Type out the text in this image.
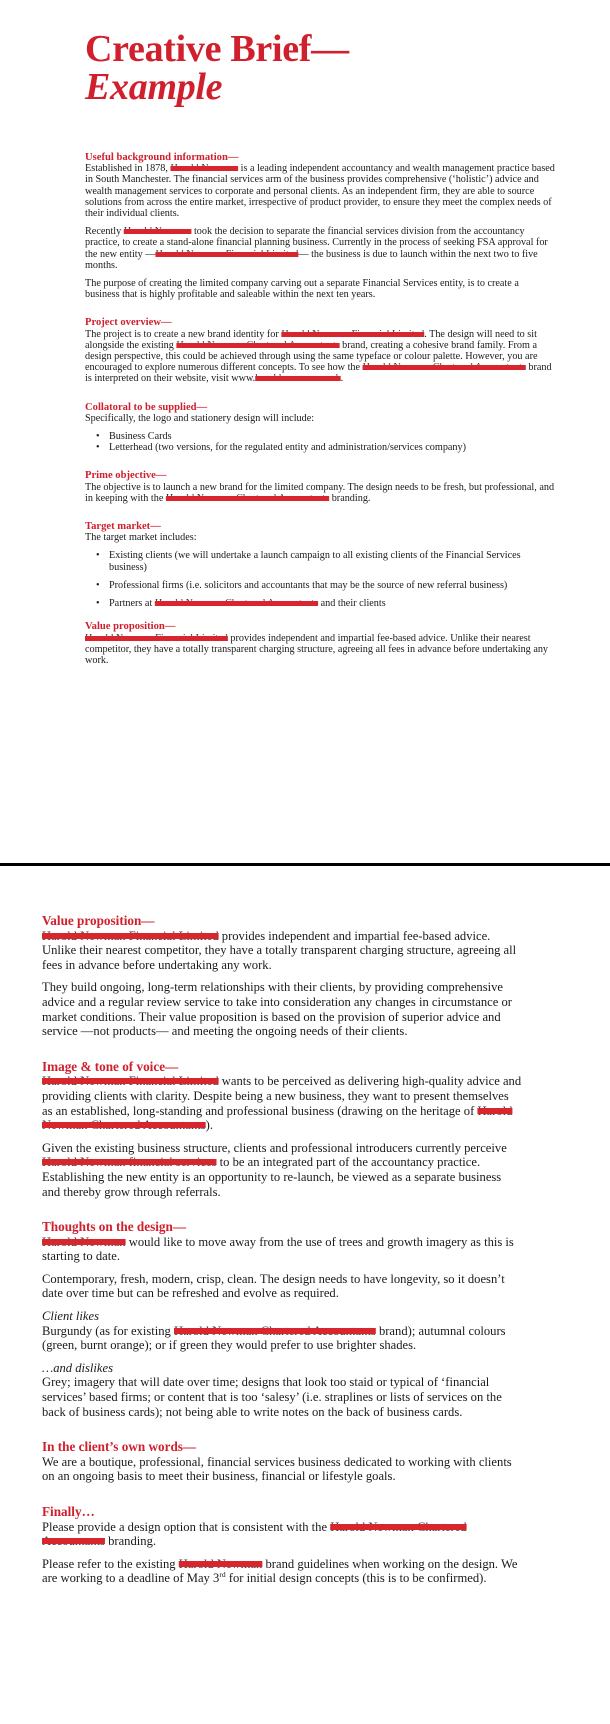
Creative Brief—
Example

Useful background information—

Established in 1878, Harold Newman is a leading independent accountancy and wealth management practice based in South Manchester. The financial services arm of the business provides comprehensive (‘holistic’) advice and wealth management services to corporate and personal clients. As an independent firm, they are able to source solutions from across the entire market, irrespective of product provider, to ensure they meet the complex needs of their individual clients.

Recently Harold Newman took the decision to separate the financial services division from the accountancy practice, to create a stand-alone financial planning business. Currently in the process of seeking FSA approval for the new entity —Harold Newman Financial Limited— the business is due to launch within the next two to five months.

The purpose of creating the limited company carving out a separate Financial Services entity, is to create a business that is highly profitable and saleable within the next ten years.

Project overview—

The project is to create a new brand identity for Harold Newman Financial Limited. The design will need to sit alongside the existing Harold Newman Chartered Accountants brand, creating a cohesive brand family. From a design perspective, this could be achieved through using the same typeface or colour palette. However, you are encouraged to explore numerous different concepts. To see how the Harold Newman Chartered Accountants brand is interpreted on their website, visit www.haroldnewman.co.uk.

Collatoral to be supplied—

Specifically, the logo and stationery design will include:

• Business Cards
• Letterhead (two versions, for the regulated entity and administration/services company)

Prime objective—

The objective is to launch a new brand for the limited company. The design needs to be fresh, but professional, and in keeping with the Harold Newman Chartered Accountants branding.

Target market—

The target market includes:

• Existing clients (we will undertake a launch campaign to all existing clients of the Financial Services business)
• Professional firms (i.e. solicitors and accountants that may be the source of new referral business)
• Partners at Harold Newman Chartered Accountants and their clients

Value proposition—

Harold Newman Financial Limited provides independent and impartial fee-based advice. Unlike their nearest competitor, they have a totally transparent charging structure, agreeing all fees in advance before undertaking any work.

Value proposition—

Harold Newman Financial Limited provides independent and impartial fee-based advice. Unlike their nearest competitor, they have a totally transparent charging structure, agreeing all fees in advance before undertaking any work.

They build ongoing, long-term relationships with their clients, by providing comprehensive advice and a regular review service to take into consideration any changes in circumstance or market conditions. Their value proposition is based on the provision of superior advice and service —not products— and meeting the ongoing needs of their clients.

Image & tone of voice—

Harold Newman Financial Limited wants to be perceived as delivering high-quality advice and providing clients with clarity. Despite being a new business, they want to present themselves as an established, long-standing and professional business (drawing on the heritage of Harold Newman Chartered Accountants).

Given the existing business structure, clients and professional introducers currently perceive Harold Newman financial services to be an integrated part of the accountancy practice. Establishing the new entity is an opportunity to re-launch, be viewed as a separate business and thereby grow through referrals.

Thoughts on the design—

Harold Newman would like to move away from the use of trees and growth imagery as this is starting to date.

Contemporary, fresh, modern, crisp, clean. The design needs to have longevity, so it doesn’t date over time but can be refreshed and evolve as required.

Client likes

Burgundy (as for existing Harold Newman Chartered Accountants brand); autumnal colours (green, burnt orange); or if green they would prefer to use brighter shades.

…and dislikes

Grey; imagery that will date over time; designs that look too staid or typical of ‘financial services’ based firms; or content that is too ‘salesy’ (i.e. straplines or lists of services on the back of business cards); not being able to write notes on the back of business cards.

In the client’s own words—

We are a boutique, professional, financial services business dedicated to working with clients on an ongoing basis to meet their business, financial or lifestyle goals.

Finally…

Please provide a design option that is consistent with the Harold Newman Chartered Accountants branding.

Please refer to the existing Harold Newman brand guidelines when working on the design. We are working to a deadline of May 3rd for initial design concepts (this is to be confirmed).
